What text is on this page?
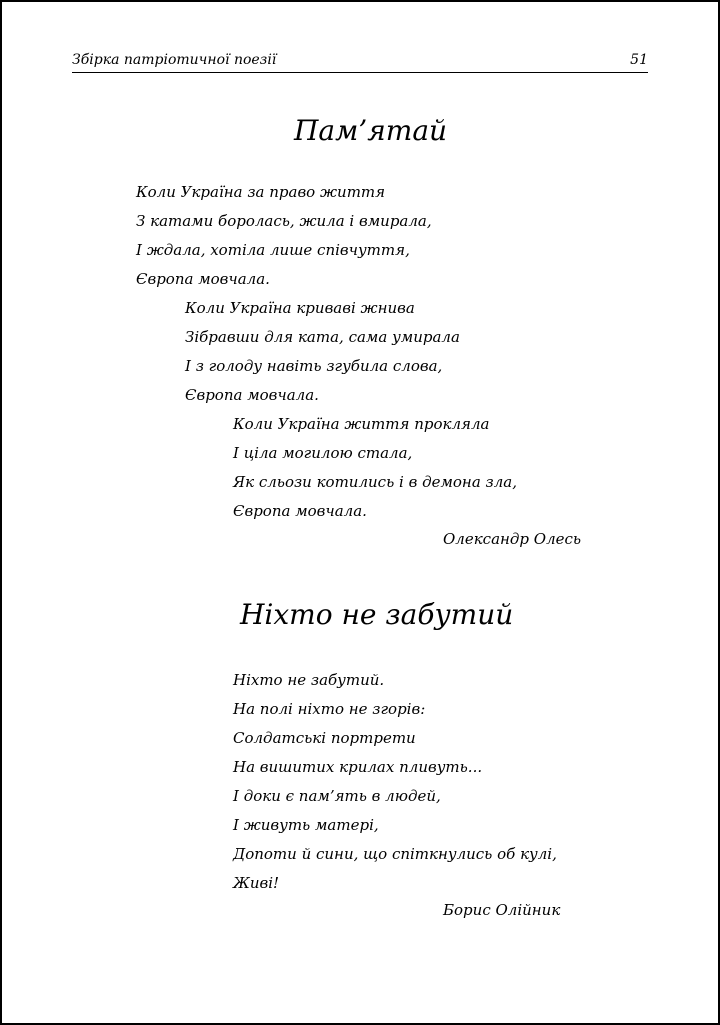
Збірка патріотичної поезії	51
Пам’ятай
Коли Україна за право життя
З катами боролась, жила і вмирала,
І ждала, хотіла лише співчуття,
Європа мовчала.
Коли Україна криваві жнива
Зібравши для ката, сама умирала
І з голоду навіть згубила слова,
Європа мовчала.
Коли Україна життя прокляла
І ціла могилою стала,
Як сльози котились і в демона зла,
Європа мовчала.
Олександр Олесь
Ніхто не забутий
Ніхто не забутий.
На полі ніхто не згорів:
Солдатські портрети
На вишитих крилах пливуть...
І доки є пам’ять в людей,
І живуть матері,
Допоти й сини, що спіткнулись об кулі,
Живі!
Борис Олійник
